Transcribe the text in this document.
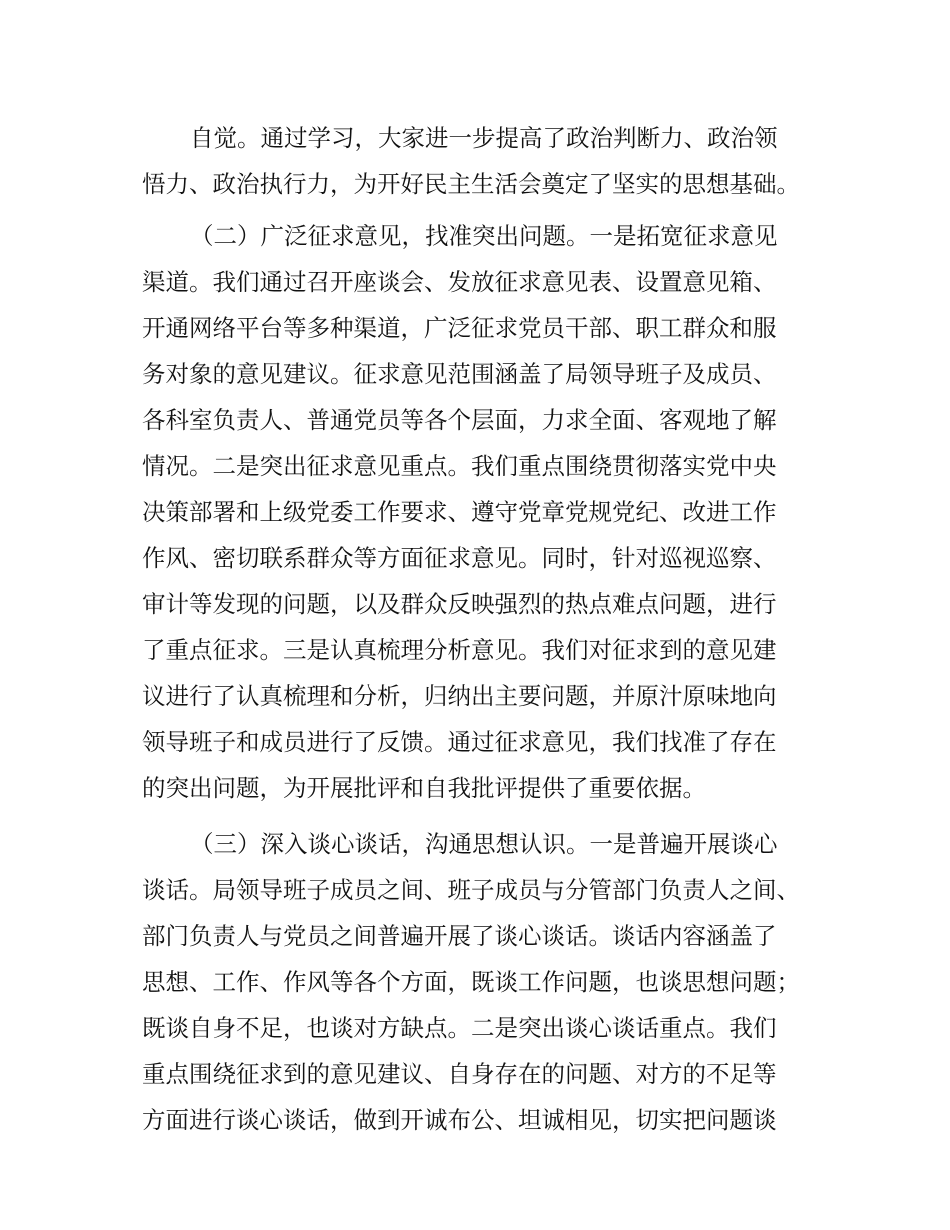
自觉。通过学习，大家进一步提高了政治判断力、政治领
悟力、政治执行力，为开好民主生活会奠定了坚实的思想基础。
（二）广泛征求意见，找准突出问题。一是拓宽征求意见
渠道。我们通过召开座谈会、发放征求意见表、设置意见箱、
开通网络平台等多种渠道，广泛征求党员干部、职工群众和服
务对象的意见建议。征求意见范围涵盖了局领导班子及成员、
各科室负责人、普通党员等各个层面，力求全面、客观地了解
情况。二是突出征求意见重点。我们重点围绕贯彻落实党中央
决策部署和上级党委工作要求、遵守党章党规党纪、改进工作
作风、密切联系群众等方面征求意见。同时，针对巡视巡察、
审计等发现的问题，以及群众反映强烈的热点难点问题，进行
了重点征求。三是认真梳理分析意见。我们对征求到的意见建
议进行了认真梳理和分析，归纳出主要问题，并原汁原味地向
领导班子和成员进行了反馈。通过征求意见，我们找准了存在
的突出问题，为开展批评和自我批评提供了重要依据。
（三）深入谈心谈话，沟通思想认识。一是普遍开展谈心
谈话。局领导班子成员之间、班子成员与分管部门负责人之间、
部门负责人与党员之间普遍开展了谈心谈话。谈话内容涵盖了
思想、工作、作风等各个方面，既谈工作问题，也谈思想问题；
既谈自身不足，也谈对方缺点。二是突出谈心谈话重点。我们
重点围绕征求到的意见建议、自身存在的问题、对方的不足等
方面进行谈心谈话，做到开诚布公、坦诚相见，切实把问题谈
